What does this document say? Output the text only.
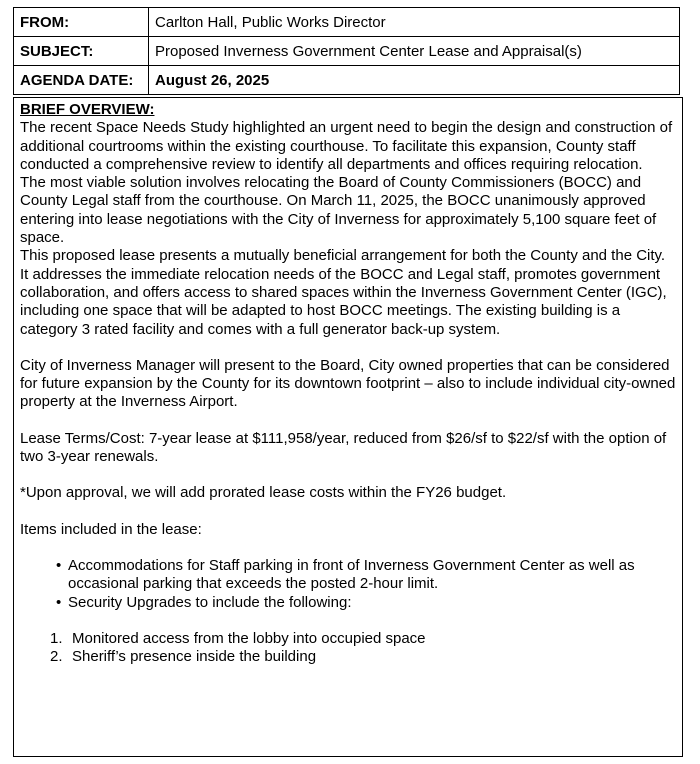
FROM:	Carlton Hall, Public Works Director
SUBJECT:	Proposed Inverness Government Center Lease and Appraisal(s)
AGENDA DATE:	August 26, 2025
BRIEF OVERVIEW:

The recent Space Needs Study highlighted an urgent need to begin the design and construction of additional courtrooms within the existing courthouse. To facilitate this expansion, County staff conducted a comprehensive review to identify all departments and offices requiring relocation.

The most viable solution involves relocating the Board of County Commissioners (BOCC) and County Legal staff from the courthouse. On March 11, 2025, the BOCC unanimously approved entering into lease negotiations with the City of Inverness for approximately 5,100 square feet of space.

This proposed lease presents a mutually beneficial arrangement for both the County and the City. It addresses the immediate relocation needs of the BOCC and Legal staff, promotes government collaboration, and offers access to shared spaces within the Inverness Government Center (IGC), including one space that will be adapted to host BOCC meetings. The existing building is a category 3 rated facility and comes with a full generator back-up system.

City of Inverness Manager will present to the Board, City owned properties that can be considered for future expansion by the County for its downtown footprint – also to include individual city-owned property at the Inverness Airport.

Lease Terms/Cost: 7-year lease at $111,958/year, reduced from $26/sf to $22/sf with the option of two 3-year renewals.

*Upon approval, we will add prorated lease costs within the FY26 budget.

Items included in the lease:

• Accommodations for Staff parking in front of Inverness Government Center as well as occasional parking that exceeds the posted 2-hour limit.
• Security Upgrades to include the following:
1. Monitored access from the lobby into occupied space
2. Sheriff’s presence inside the building
